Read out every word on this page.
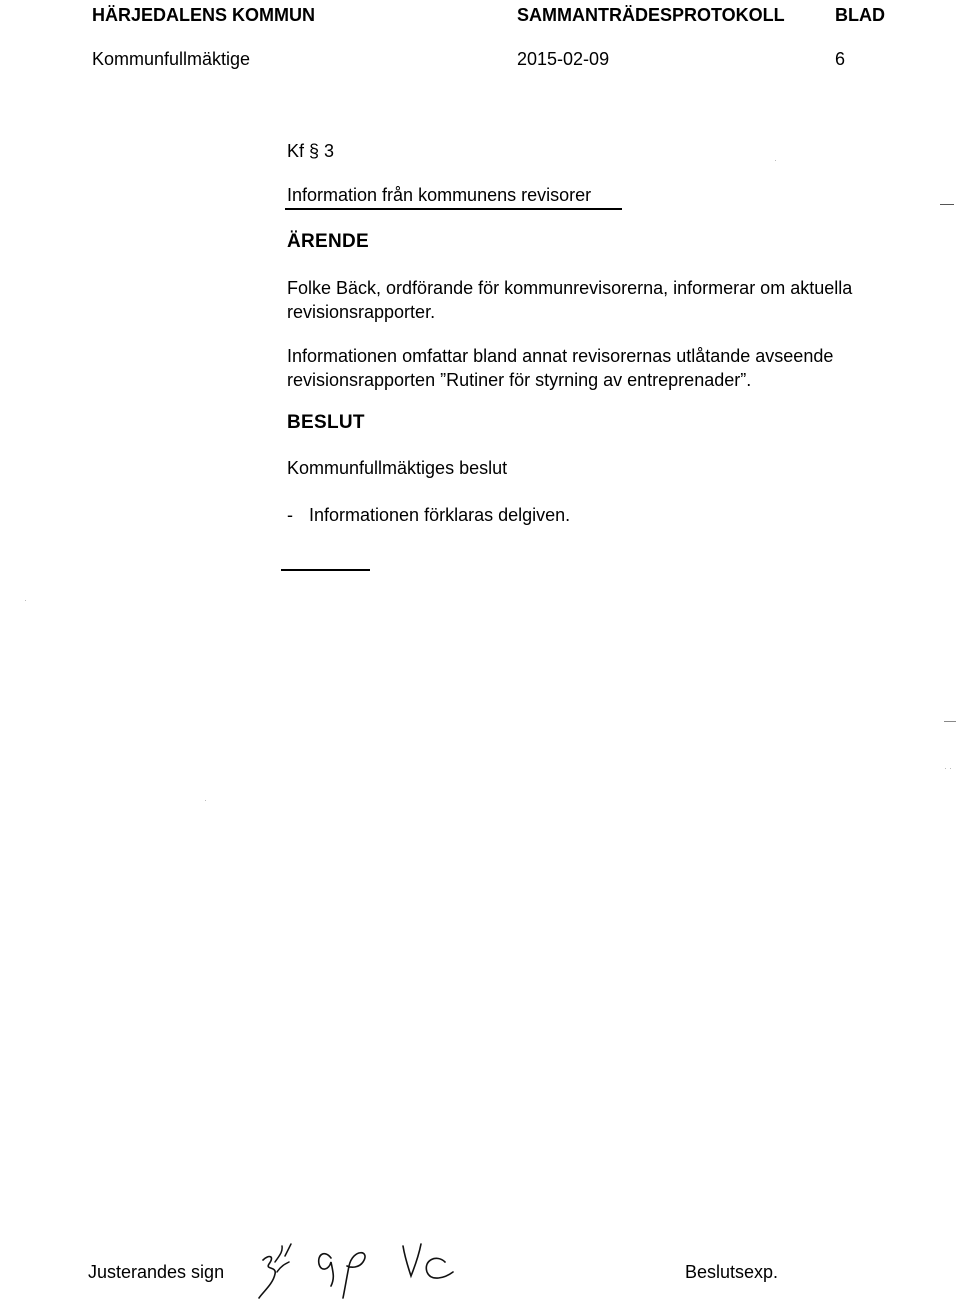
HÄRJEDALENS KOMMUN	SAMMANTRÄDESPROTOKOLL	BLAD
Kommunfullmäktige	2015-02-09	6
Kf § 3
Information från kommunens revisorer
ÄRENDE
Folke Bäck, ordförande för kommunrevisorerna, informerar om aktuella
revisionsrapporter.
Informationen omfattar bland annat revisorernas utlåtande avseende
revisionsrapporten ”Rutiner för styrning av entreprenader”.
BESLUT
Kommunfullmäktiges beslut
- Informationen förklaras delgiven.
Justerandes sign	Beslutsexp.
